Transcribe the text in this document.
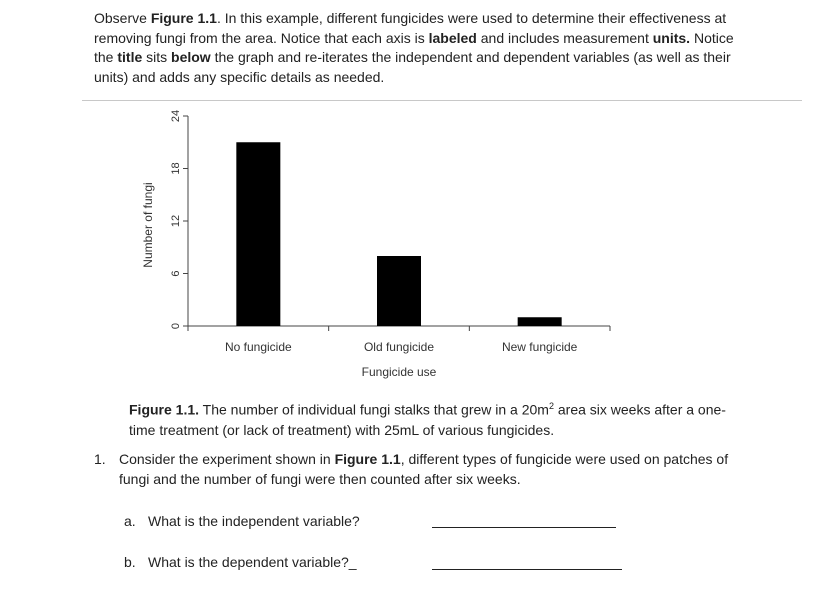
Observe Figure 1.1. In this example, different fungicides were used to determine their effectiveness at removing fungi from the area. Notice that each axis is labeled and includes measurement units. Notice the title sits below the graph and re-iterates the independent and dependent variables (as well as their units) and adds any specific details as needed.

0
6
12
18
24
Number of fungi
No fungicide	Old fungicide	New fungicide
Fungicide use

Figure 1.1. The number of individual fungi stalks that grew in a $20m^2$ area six weeks after a one-time treatment (or lack of treatment) with 25mL of various fungicides.

1. Consider the experiment shown in Figure 1.1, different types of fungicide were used on patches of fungi and the number of fungi were then counted after six weeks.

a. What is the independent variable?

b. What is the dependent variable?_
